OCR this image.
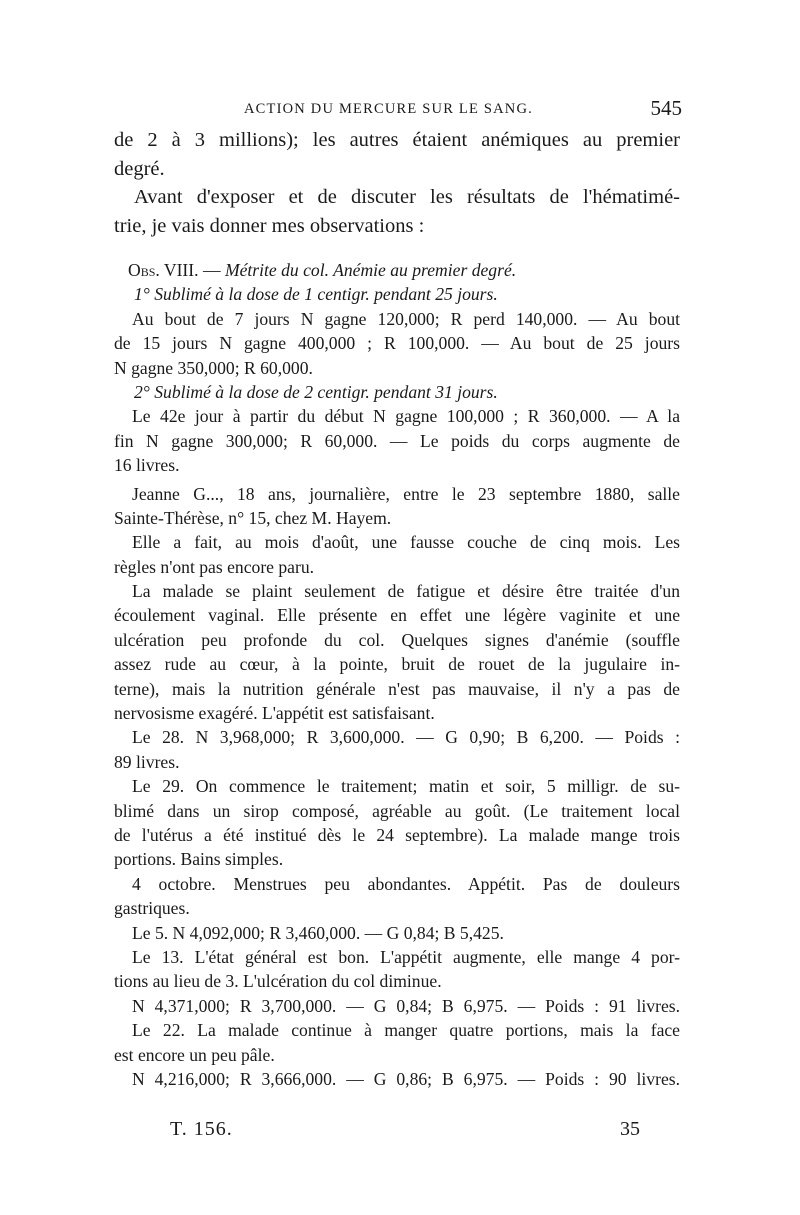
ACTION DU MERCURE SUR LE SANG.	545
de 2 à 3 millions); les autres étaient anémiques au premier
degré.
Avant d'exposer et de discuter les résultats de l'hématimé-
trie, je vais donner mes observations :
Obs. VIII. — Métrite du col. Anémie au premier degré.
1° Sublimé à la dose de 1 centigr. pendant 25 jours.
Au bout de 7 jours N gagne 120,000; R perd 140,000. — Au bout
de 15 jours N gagne 400,000 ; R 100,000. — Au bout de 25 jours
N gagne 350,000; R 60,000.
2° Sublimé à la dose de 2 centigr. pendant 31 jours.
Le 42e jour à partir du début N gagne 100,000 ; R 360,000. — A la
fin N gagne 300,000; R 60,000. — Le poids du corps augmente de
16 livres.
Jeanne G..., 18 ans, journalière, entre le 23 septembre 1880, salle
Sainte-Thérèse, n° 15, chez M. Hayem.
Elle a fait, au mois d'août, une fausse couche de cinq mois. Les
règles n'ont pas encore paru.
La malade se plaint seulement de fatigue et désire être traitée d'un
écoulement vaginal. Elle présente en effet une légère vaginite et une
ulcération peu profonde du col. Quelques signes d'anémie (souffle
assez rude au cœur, à la pointe, bruit de rouet de la jugulaire in-
terne), mais la nutrition générale n'est pas mauvaise, il n'y a pas de
nervosisme exagéré. L'appétit est satisfaisant.
Le 28. N 3,968,000; R 3,600,000. — G 0,90; B 6,200. — Poids :
89 livres.
Le 29. On commence le traitement; matin et soir, 5 milligr. de su-
blimé dans un sirop composé, agréable au goût. (Le traitement local
de l'utérus a été institué dès le 24 septembre). La malade mange trois
portions. Bains simples.
4 octobre. Menstrues peu abondantes. Appétit. Pas de douleurs
gastriques.
Le 5. N 4,092,000; R 3,460,000. — G 0,84; B 5,425.
Le 13. L'état général est bon. L'appétit augmente, elle mange 4 por-
tions au lieu de 3. L'ulcération du col diminue.
N 4,371,000; R 3,700,000. — G 0,84; B 6,975. — Poids : 91 livres.
Le 22. La malade continue à manger quatre portions, mais la face
est encore un peu pâle.
N 4,216,000; R 3,666,000. — G 0,86; B 6,975. — Poids : 90 livres.
T. 156.	35
